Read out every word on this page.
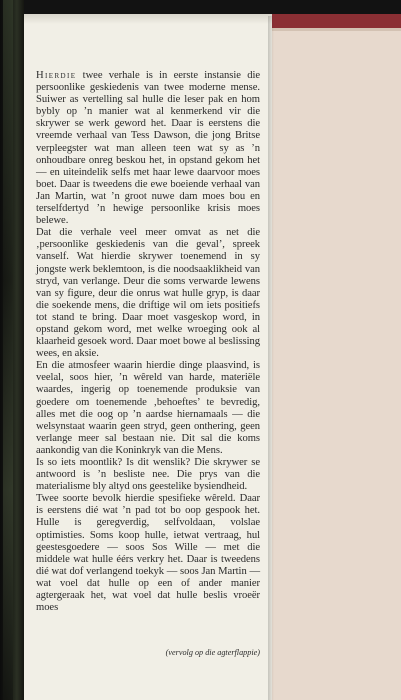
Hierdie twee verhale is in eerste instansie die persoonlike geskiedenis van twee moderne mense. Suiwer as vertelling sal hulle die leser pak en hom bybly op ’n manier wat al kenmerkend vir die skrywer se werk geword het. Daar is eerstens die vreemde verhaal van Tess Dawson, die jong Britse verpleegster wat man alleen teen wat sy as ’n onhoudbare onreg beskou het, in opstand gekom het — en uiteindelik selfs met haar lewe daarvoor moes boet. Daar is tweedens die ewe boeiende verhaal van Jan Martin, wat ’n groot nuwe dam moes bou en terselfdertyd ’n hewige persoonlike krisis moes belewe.

Dat die verhale veel meer omvat as net die ‚persoonlike geskiedenis van die geval’, spreek vanself. Wat hierdie skrywer toenemend in sy jongste werk beklemtoon, is die noodsaaklikheid van stryd, van verlange. Deur die soms verwarde lewens van sy figure, deur die onrus wat hulle gryp, is daar die soekende mens, die driftige wil om iets positiefs tot stand te bring. Daar moet vasgeskop word, in opstand gekom word, met welke wroeging ook al klaarheid gesoek word. Daar moet bowe al beslissing wees, en aksie.

En die atmosfeer waarin hierdie dinge plaasvind, is veelal, soos hier, ’n wêreld van harde, materiële waardes, ingerig op toenemende produksie van goedere om toenemende ‚behoeftes’ te bevredig, alles met die oog op ’n aardse hiernamaals — die welsynstaat waarin geen stryd, geen onthering, geen verlange meer sal bestaan nie. Dit sal die koms aankondig van die Koninkryk van die Mens.

Is so iets moontlik? Is dit wenslik? Die skrywer se antwoord is ’n besliste nee. Die prys van die materialisme bly altyd ons geestelike bysiendheid.

Twee soorte bevolk hierdie spesifieke wêreld. Daar is eerstens dié wat ’n pad tot bo oop gespook het. Hulle is geregverdig, selfvoldaan, volslae optimisties. Soms koop hulle, ietwat vertraag, hul geestesgoedere — soos Sos Wille — met die middele wat hulle éérs verkry het. Daar is tweedens dié wat dof verlangend toekyk — soos Jan Martin — wat voel dat hulle op een of ander manier agtergeraak het, wat voel dat hulle beslis vroeër moes

(vervolg op die agterflappie)
